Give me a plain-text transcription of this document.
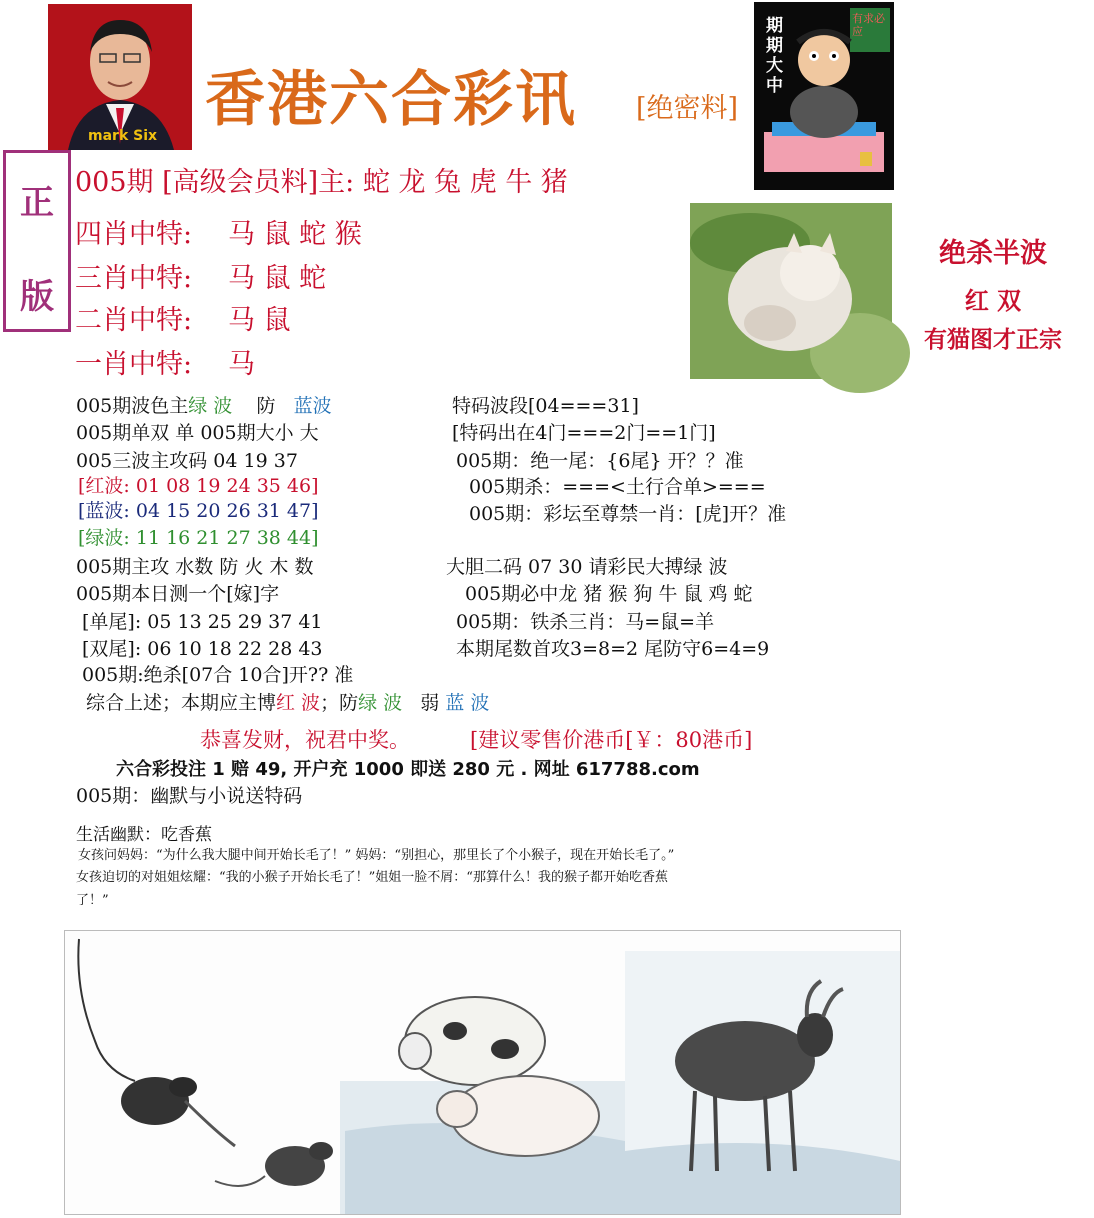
mark Six
香港六合彩讯 [绝密料]
期期大中
有求必应
正
版
005期 [高级会员料]主: 蛇 龙 兔 虎 牛 猪
四肖中特: 马 鼠 蛇 猴
三肖中特: 马 鼠 蛇
二肖中特: 马 鼠
一肖中特: 马
绝杀半波
红 双
有猫图才正宗
005期波色主绿 波 防 蓝波
005期单双 单 005期大小 大
005三波主攻码 04 19 37
[红波: 01 08 19 24 35 46]
[蓝波: 04 15 20 26 31 47]
[绿波: 11 16 21 27 38 44]
005期主攻 水数 防 火 木 数
005期本日测一个[嫁]字
[单尾]: 05 13 25 29 37 41
[双尾]: 06 10 18 22 28 43
005期:绝杀[07合 10合]开?? 准
综合上述；本期应主博红 波；防绿 波 弱 蓝 波
特码波段[04===31]
[特码出在4门===2门==1门]
005期：绝一尾：{6尾} 开？？准
005期杀：===<土行合单>===
005期：彩坛至尊禁一肖：[虎]开？准
大胆二码 07 30 请彩民大搏绿 波
005期必中龙 猪 猴 狗 牛 鼠 鸡 蛇
005期：铁杀三肖：马=鼠=羊
本期尾数首攻3=8=2 尾防守6=4=9
恭喜发财，祝君中奖。	[建议零售价港币[￥：80港币]
六合彩投注 1 赔 49, 开户充 1000 即送 280 元 . 网址 617788.com
005期：幽默与小说送特码
生活幽默：吃香蕉
女孩问妈妈：“为什么我大腿中间开始长毛了！” 妈妈：“别担心，那里长了个小猴子，现在开始长毛了。”
女孩迫切的对姐姐炫耀：“我的小猴子开始长毛了！”姐姐一脸不屑：“那算什么！我的猴子都开始吃香蕉
了！”
